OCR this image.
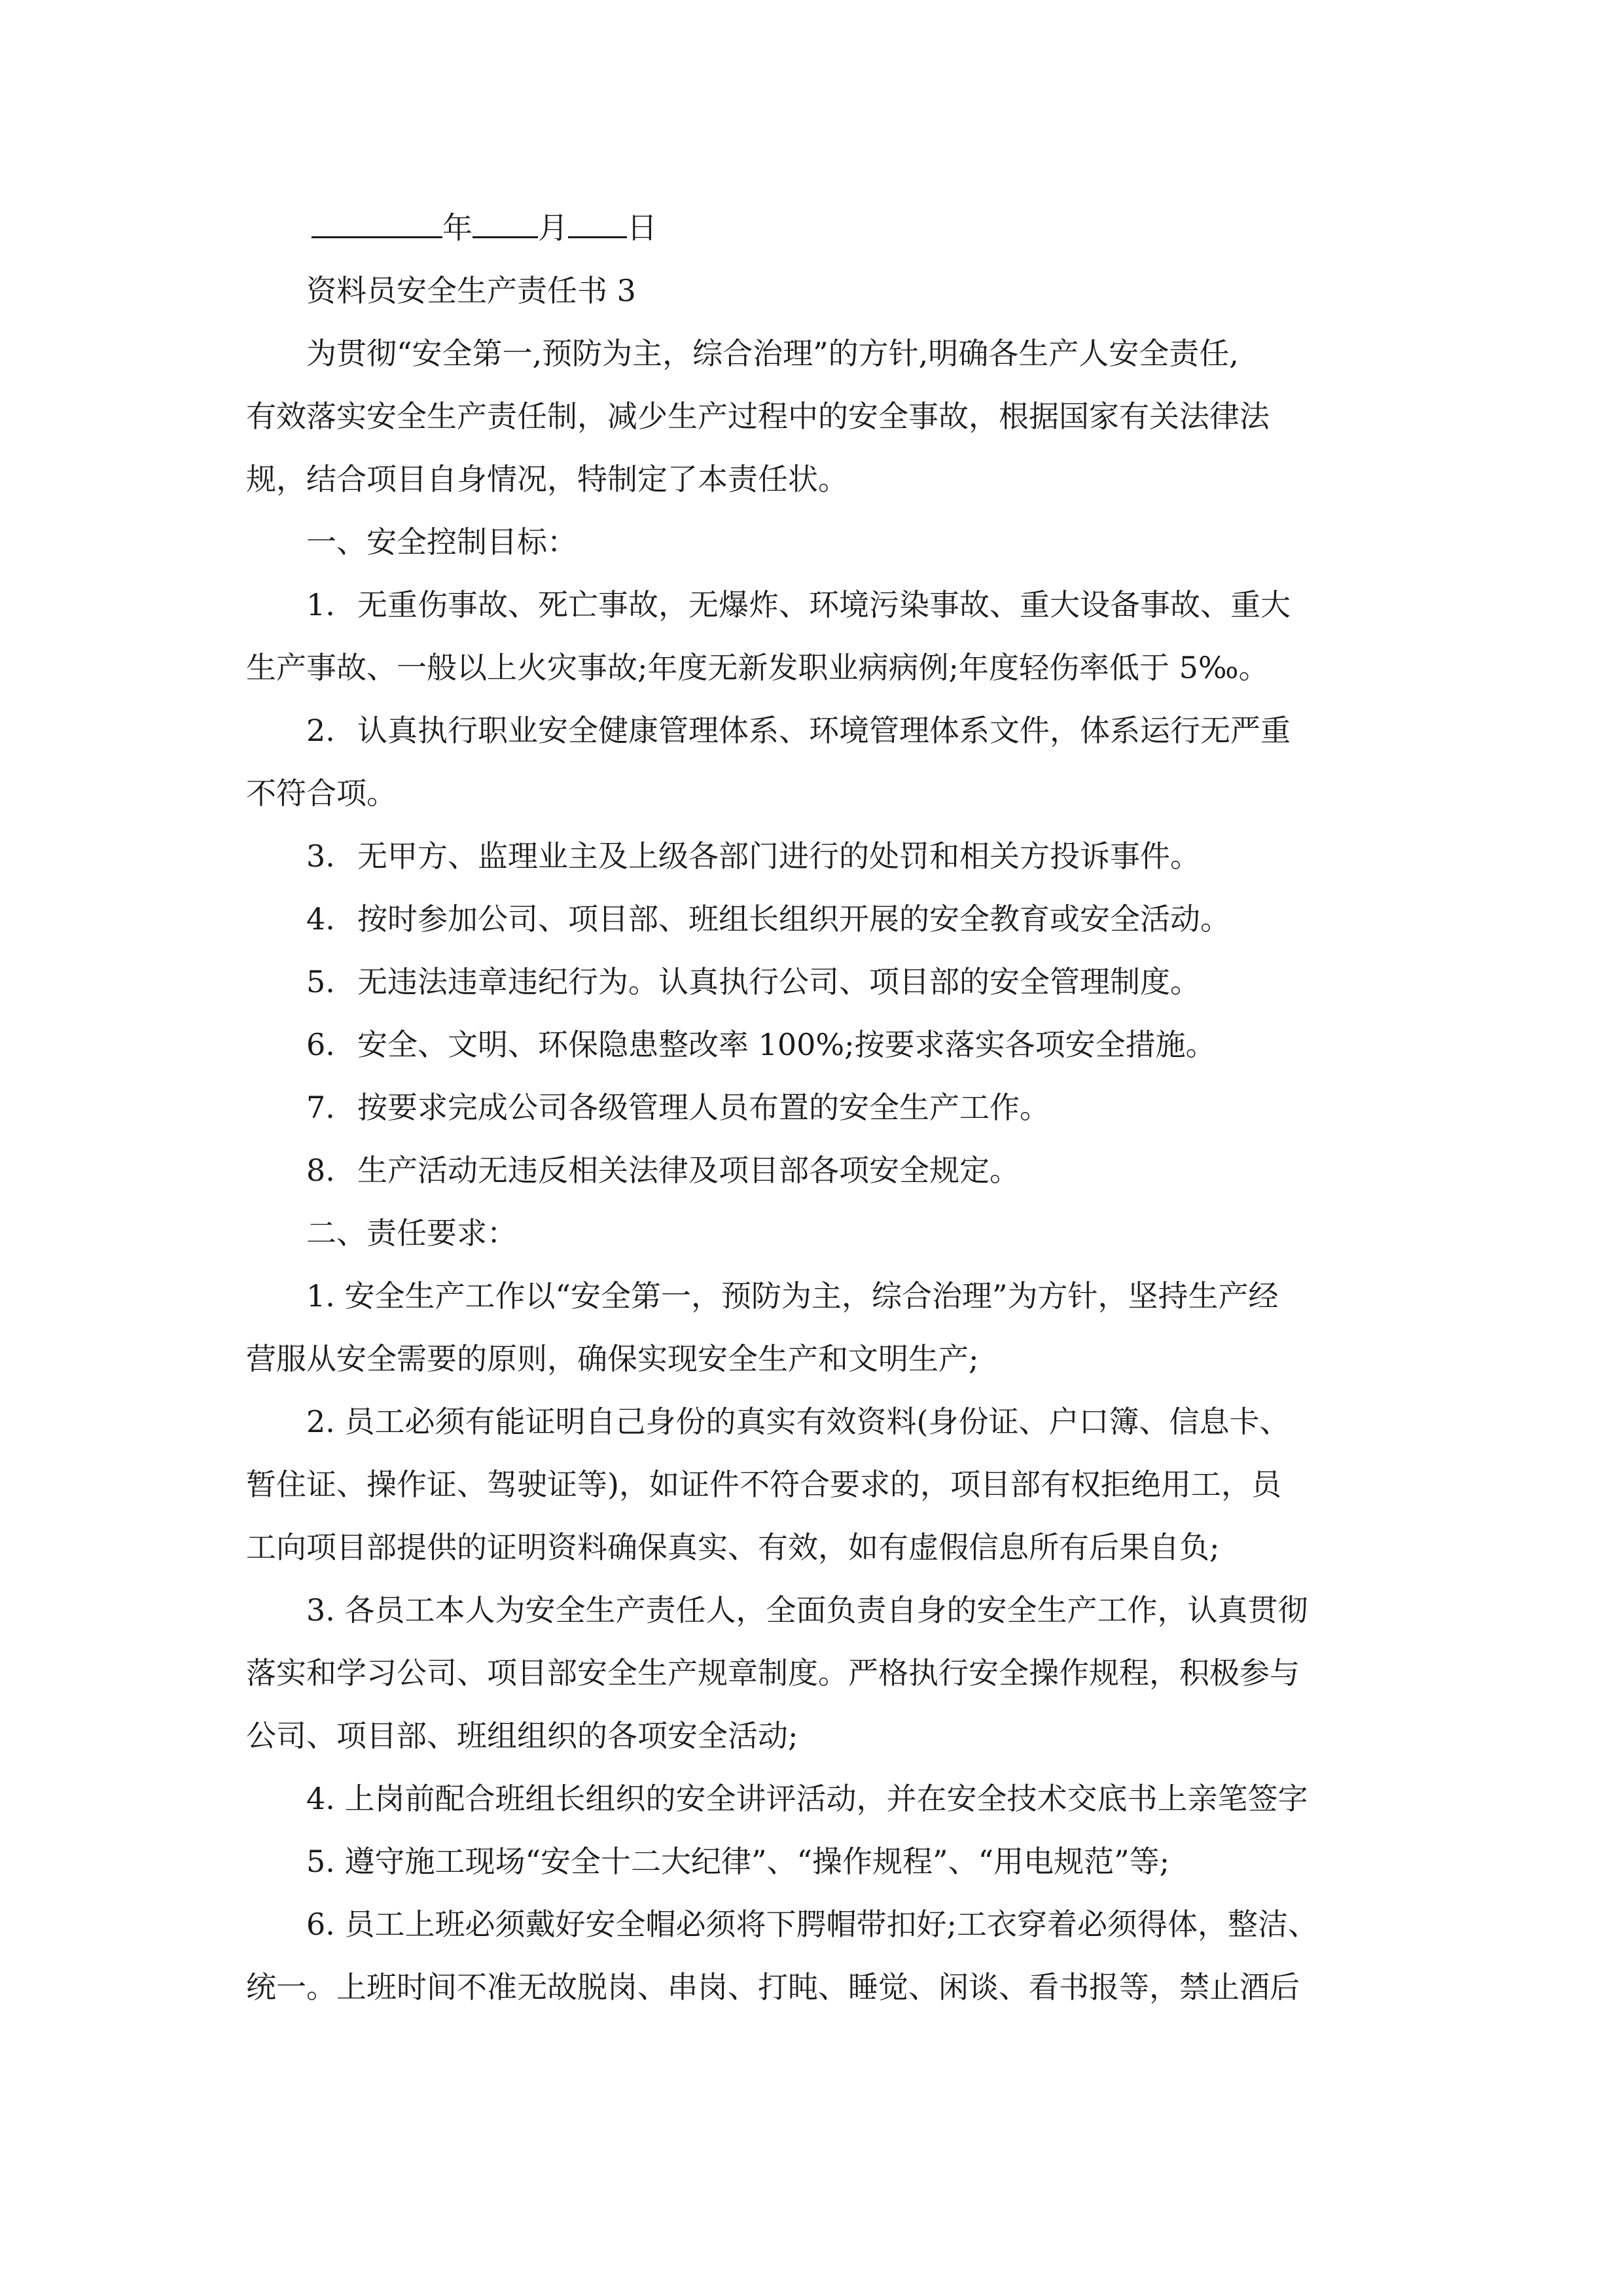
年 月 日

资料员安全生产责任书 3

为贯彻“安全第一,预防为主，综合治理”的方针,明确各生产人安全责任,

有效落实安全生产责任制，减少生产过程中的安全事故，根据国家有关法律法

规，结合项目自身情况，特制定了本责任状。

一、安全控制目标：

1. 无重伤事故、死亡事故，无爆炸、环境污染事故、重大设备事故、重大

生产事故、一般以上火灾事故;年度无新发职业病病例;年度轻伤率低于 5‰。

2. 认真执行职业安全健康管理体系、环境管理体系文件，体系运行无严重

不符合项。

3. 无甲方、监理业主及上级各部门进行的处罚和相关方投诉事件。

4. 按时参加公司、项目部、班组长组织开展的安全教育或安全活动。

5. 无违法违章违纪行为。认真执行公司、项目部的安全管理制度。

6. 安全、文明、环保隐患整改率 100%;按要求落实各项安全措施。

7. 按要求完成公司各级管理人员布置的安全生产工作。

8. 生产活动无违反相关法律及项目部各项安全规定。

二、责任要求：

1. 安全生产工作以“安全第一，预防为主，综合治理”为方针，坚持生产经

营服从安全需要的原则，确保实现安全生产和文明生产;

2. 员工必须有能证明自己身份的真实有效资料(身份证、户口簿、信息卡、

暂住证、操作证、驾驶证等)，如证件不符合要求的，项目部有权拒绝用工，员

工向项目部提供的证明资料确保真实、有效，如有虚假信息所有后果自负;

3. 各员工本人为安全生产责任人，全面负责自身的安全生产工作，认真贯彻

落实和学习公司、项目部安全生产规章制度。严格执行安全操作规程，积极参与

公司、项目部、班组组织的各项安全活动;

4. 上岗前配合班组长组织的安全讲评活动，并在安全技术交底书上亲笔签字

5. 遵守施工现场“安全十二大纪律”、“操作规程”、“用电规范”等;

6. 员工上班必须戴好安全帽必须将下腭帽带扣好;工衣穿着必须得体，整洁、

统一。上班时间不准无故脱岗、串岗、打盹、睡觉、闲谈、看书报等，禁止酒后
